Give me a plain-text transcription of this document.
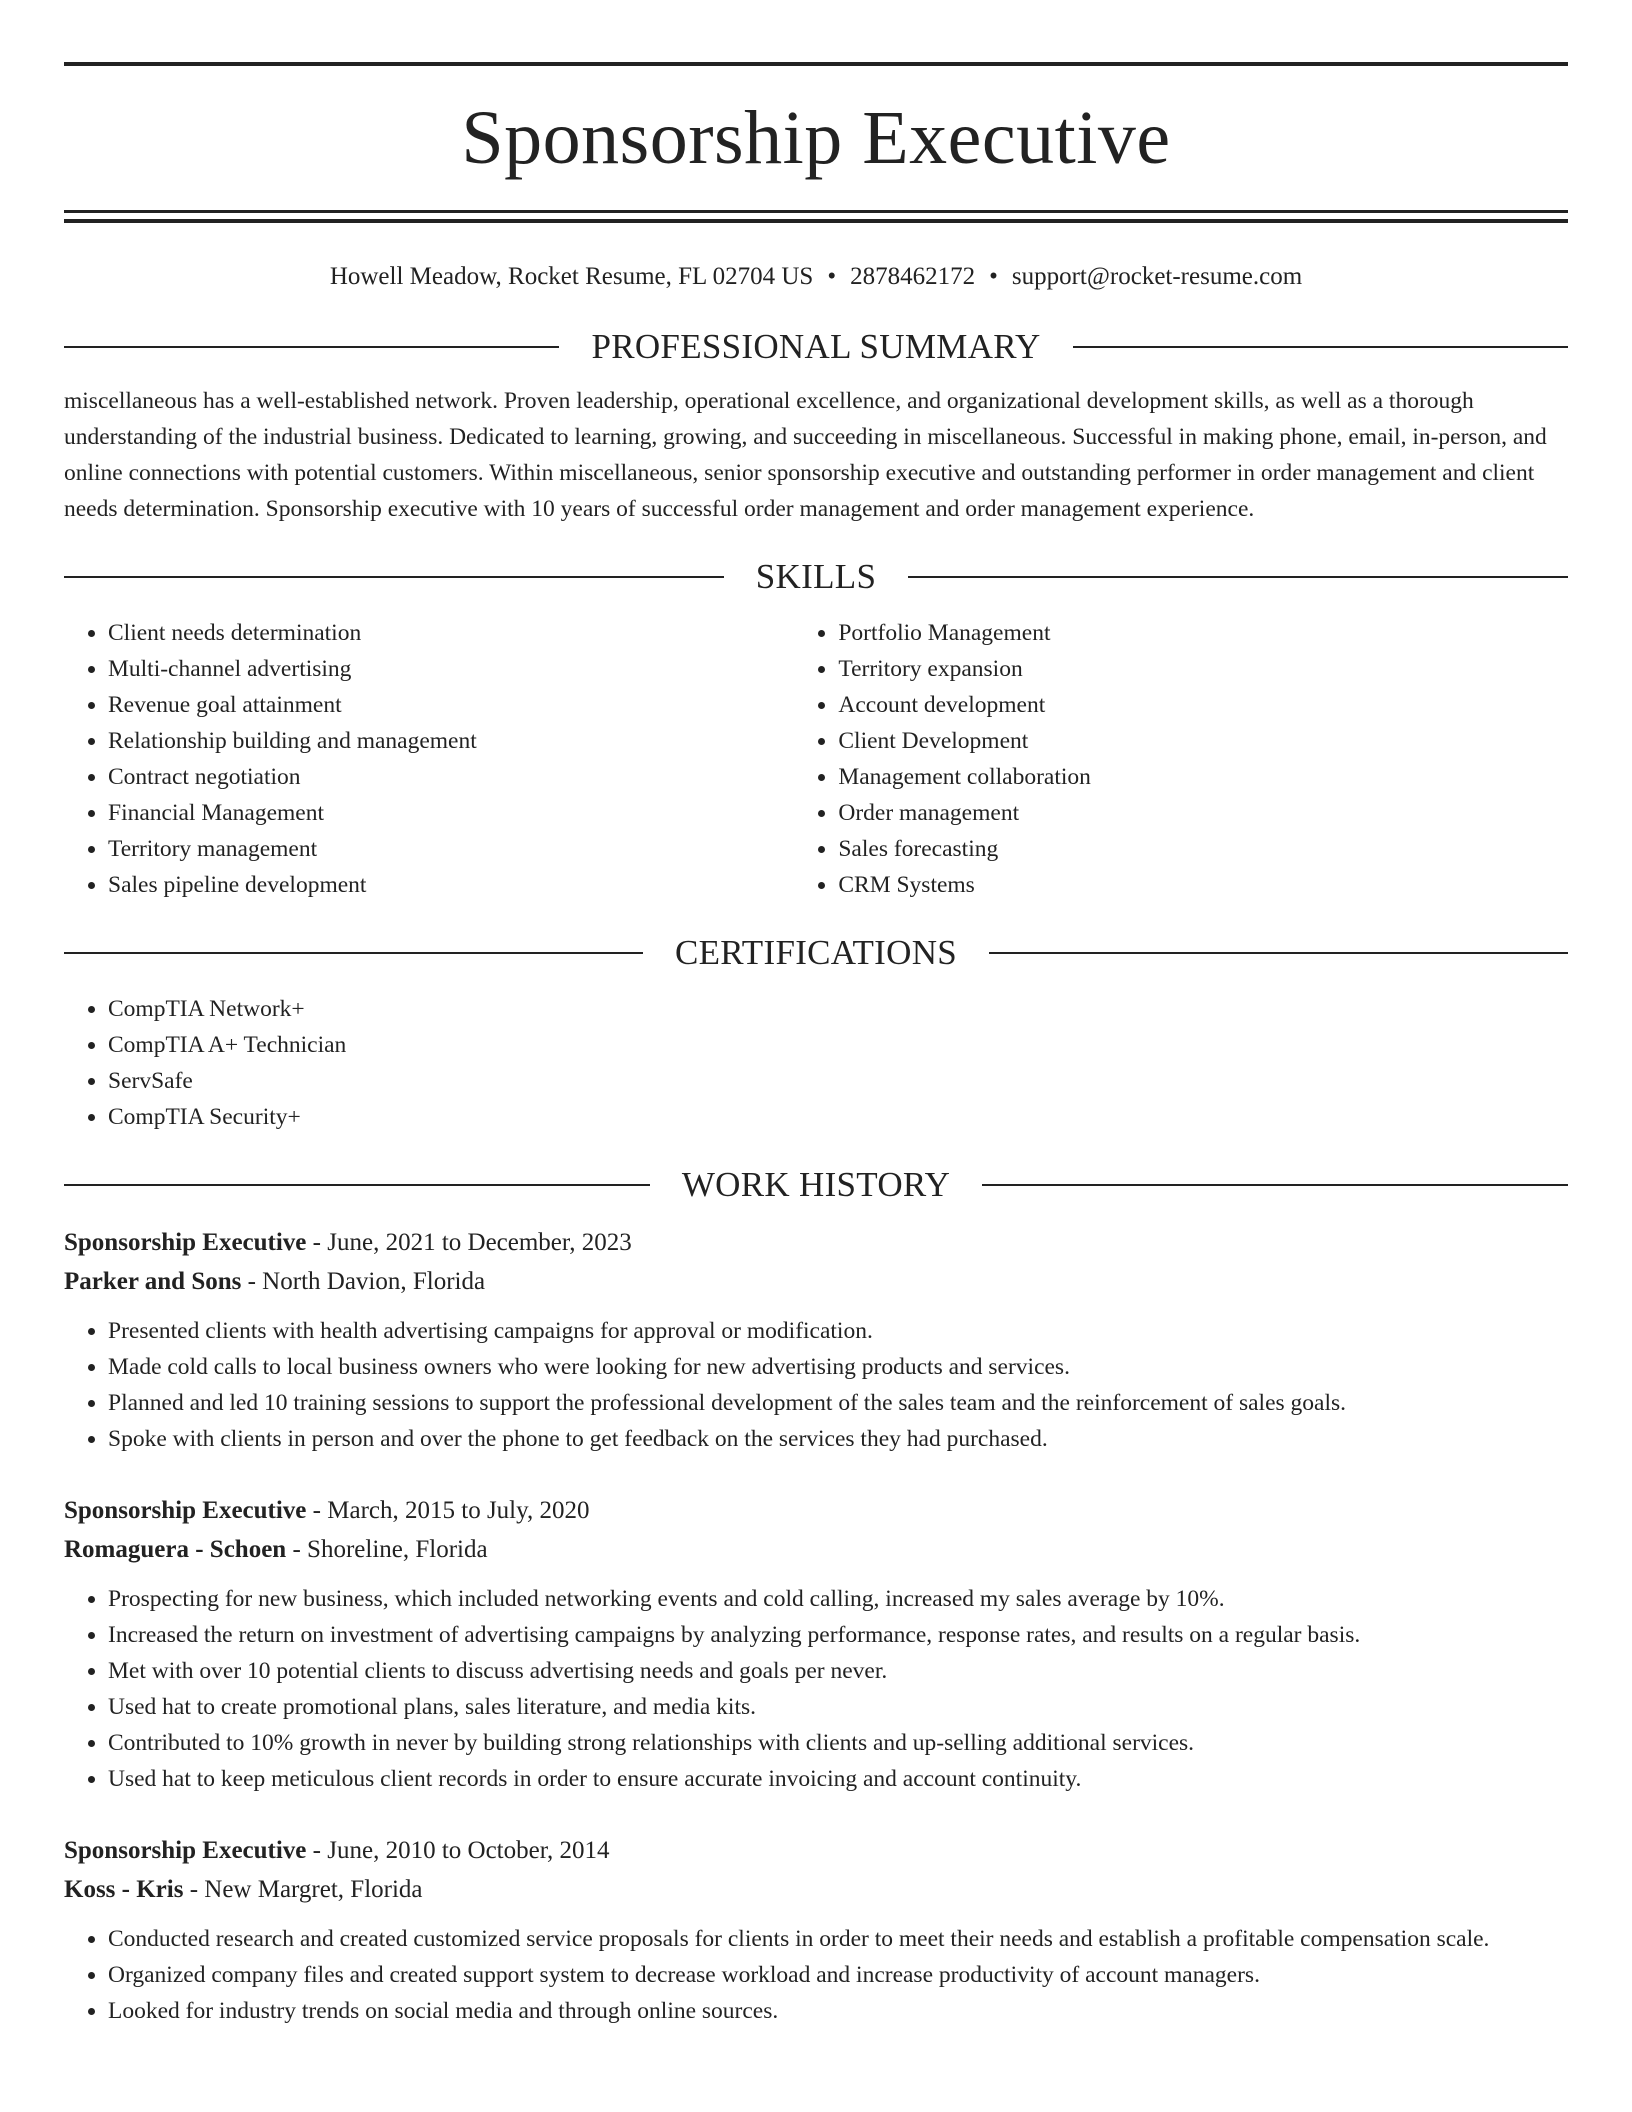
Sponsorship Executive
Howell Meadow, Rocket Resume, FL 02704 US • 2878462172 • support@rocket-resume.com
PROFESSIONAL SUMMARY
miscellaneous has a well-established network. Proven leadership, operational excellence, and organizational development skills, as well as a thorough understanding of the industrial business. Dedicated to learning, growing, and succeeding in miscellaneous. Successful in making phone, email, in-person, and online connections with potential customers. Within miscellaneous, senior sponsorship executive and outstanding performer in order management and client needs determination. Sponsorship executive with 10 years of successful order management and order management experience.
SKILLS
• Client needs determination
• Multi-channel advertising
• Revenue goal attainment
• Relationship building and management
• Contract negotiation
• Financial Management
• Territory management
• Sales pipeline development
• Portfolio Management
• Territory expansion
• Account development
• Client Development
• Management collaboration
• Order management
• Sales forecasting
• CRM Systems
CERTIFICATIONS
• CompTIA Network+
• CompTIA A+ Technician
• ServSafe
• CompTIA Security+
WORK HISTORY
Sponsorship Executive - June, 2021 to December, 2023
Parker and Sons - North Davion, Florida
• Presented clients with health advertising campaigns for approval or modification.
• Made cold calls to local business owners who were looking for new advertising products and services.
• Planned and led 10 training sessions to support the professional development of the sales team and the reinforcement of sales goals.
• Spoke with clients in person and over the phone to get feedback on the services they had purchased.
Sponsorship Executive - March, 2015 to July, 2020
Romaguera - Schoen - Shoreline, Florida
• Prospecting for new business, which included networking events and cold calling, increased my sales average by 10%.
• Increased the return on investment of advertising campaigns by analyzing performance, response rates, and results on a regular basis.
• Met with over 10 potential clients to discuss advertising needs and goals per never.
• Used hat to create promotional plans, sales literature, and media kits.
• Contributed to 10% growth in never by building strong relationships with clients and up-selling additional services.
• Used hat to keep meticulous client records in order to ensure accurate invoicing and account continuity.
Sponsorship Executive - June, 2010 to October, 2014
Koss - Kris - New Margret, Florida
• Conducted research and created customized service proposals for clients in order to meet their needs and establish a profitable compensation scale.
• Organized company files and created support system to decrease workload and increase productivity of account managers.
• Looked for industry trends on social media and through online sources.
